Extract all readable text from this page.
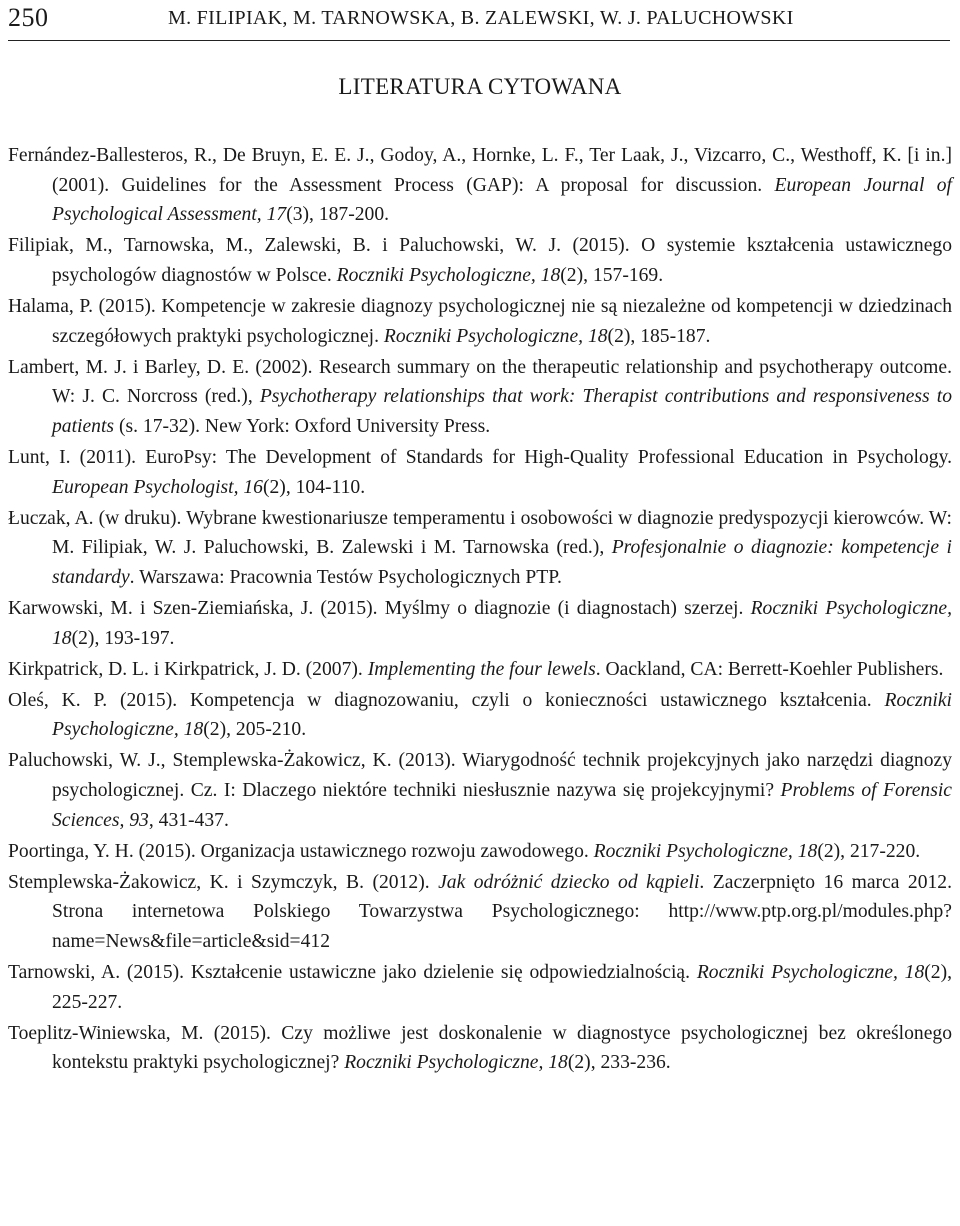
250	M. FILIPIAK, M. TARNOWSKA, B. ZALEWSKI, W. J. PALUCHOWSKI
LITERATURA CYTOWANA

Fernández-Ballesteros, R., De Bruyn, E. E. J., Godoy, A., Hornke, L. F., Ter Laak, J., Vizcarro, C., Westhoff, K. [i in.] (2001). Guidelines for the Assessment Process (GAP): A proposal for discussion. European Journal of Psychological Assessment, 17(3), 187-200.

Filipiak, M., Tarnowska, M., Zalewski, B. i Paluchowski, W. J. (2015). O systemie kształcenia ustawicznego psychologów diagnostów w Polsce. Roczniki Psychologiczne, 18(2), 157-169.

Halama, P. (2015). Kompetencje w zakresie diagnozy psychologicznej nie są niezależne od kompetencji w dziedzinach szczegółowych praktyki psychologicznej. Roczniki Psychologiczne, 18(2), 185-187.

Lambert, M. J. i Barley, D. E. (2002). Research summary on the therapeutic relationship and psychotherapy outcome. W: J. C. Norcross (red.), Psychotherapy relationships that work: Therapist contributions and responsiveness to patients (s. 17-32). New York: Oxford University Press.

Lunt, I. (2011). EuroPsy: The Development of Standards for High-Quality Professional Education in Psychology. European Psychologist, 16(2), 104-110.

Łuczak, A. (w druku). Wybrane kwestionariusze temperamentu i osobowości w diagnozie predyspozycji kierowców. W: M. Filipiak, W. J. Paluchowski, B. Zalewski i M. Tarnowska (red.), Profesjonalnie o diagnozie: kompetencje i standardy. Warszawa: Pracownia Testów Psychologicznych PTP.

Karwowski, M. i Szen-Ziemiańska, J. (2015). Myślmy o diagnozie (i diagnostach) szerzej. Roczniki Psychologiczne, 18(2), 193-197.

Kirkpatrick, D. L. i Kirkpatrick, J. D. (2007). Implementing the four lewels. Oackland, CA: Berrett-Koehler Publishers.

Oleś, K. P. (2015). Kompetencja w diagnozowaniu, czyli o konieczności ustawicznego kształcenia. Roczniki Psychologiczne, 18(2), 205-210.

Paluchowski, W. J., Stemplewska-Żakowicz, K. (2013). Wiarygodność technik projekcyjnych jako narzędzi diagnozy psychologicznej. Cz. I: Dlaczego niektóre techniki niesłusznie nazywa się projekcyjnymi? Problems of Forensic Sciences, 93, 431-437.

Poortinga, Y. H. (2015). Organizacja ustawicznego rozwoju zawodowego. Roczniki Psychologiczne, 18(2), 217-220.

Stemplewska-Żakowicz, K. i Szymczyk, B. (2012). Jak odróżnić dziecko od kąpieli. Zaczerpnięto 16 marca 2012. Strona internetowa Polskiego Towarzystwa Psychologicznego: http://www.ptp.org.pl/modules.php?name=News&file=article&sid=412

Tarnowski, A. (2015). Kształcenie ustawiczne jako dzielenie się odpowiedzialnością. Roczniki Psychologiczne, 18(2), 225-227.

Toeplitz-Winiewska, M. (2015). Czy możliwe jest doskonalenie w diagnostyce psychologicznej bez określonego kontekstu praktyki psychologicznej? Roczniki Psychologiczne, 18(2), 233-236.
